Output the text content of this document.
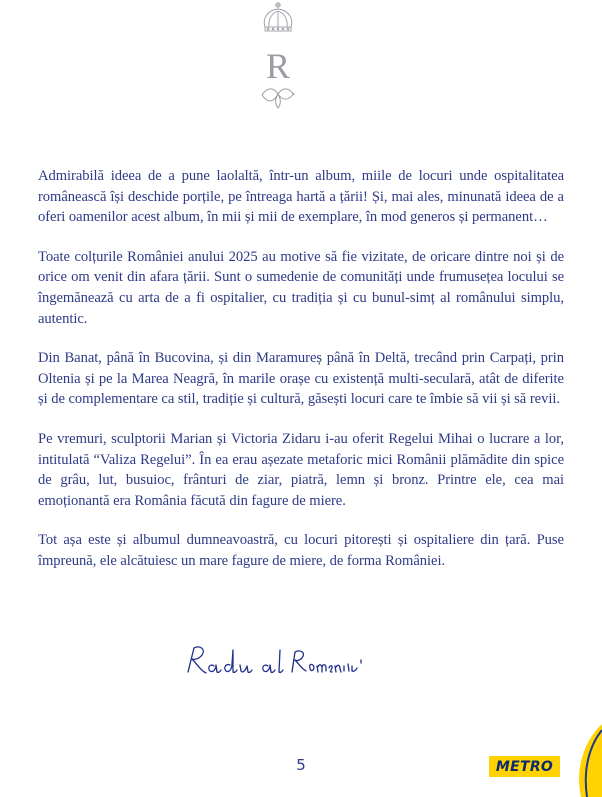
R

Admirabilă ideea de a pune laolaltă, într-un album, miile de locuri unde ospitalitatea românească își deschide porțile, pe întreaga hartă a țării! Și, mai ales, minunată ideea de a oferi oamenilor acest album, în mii și mii de exemplare, în mod generos și permanent…

Toate colțurile României anului 2025 au motive să fie vizitate, de oricare dintre noi și de orice om venit din afara țării. Sunt o sumedenie de comunități unde frumusețea locului se îngemănează cu arta de a fi ospitalier, cu tradiția și cu bunul-simț al românului simplu, autentic.

Din Banat, până în Bucovina, și din Maramureș până în Deltă, trecând prin Carpați, prin Oltenia și pe la Marea Neagră, în marile orașe cu existență multi-seculară, atât de diferite și de complementare ca stil, tradiție și cultură, găsești locuri care te îmbie să vii și să revii.

Pe vremuri, sculptorii Marian și Victoria Zidaru i-au oferit Regelui Mihai o lucrare a lor, intitulată “Valiza Regelui”. În ea erau așezate metaforic mici Românii plămădite din spice de grâu, lut, busuioc, frânturi de ziar, piatră, lemn și bronz. Printre ele, cea mai emoționantă era România făcută din fagure de miere.

Tot așa este și albumul dumneavoastră, cu locuri pitorești și ospitaliere din țară. Puse împreună, ele alcătuiesc un mare fagure de miere, de forma României.

5	METRO
